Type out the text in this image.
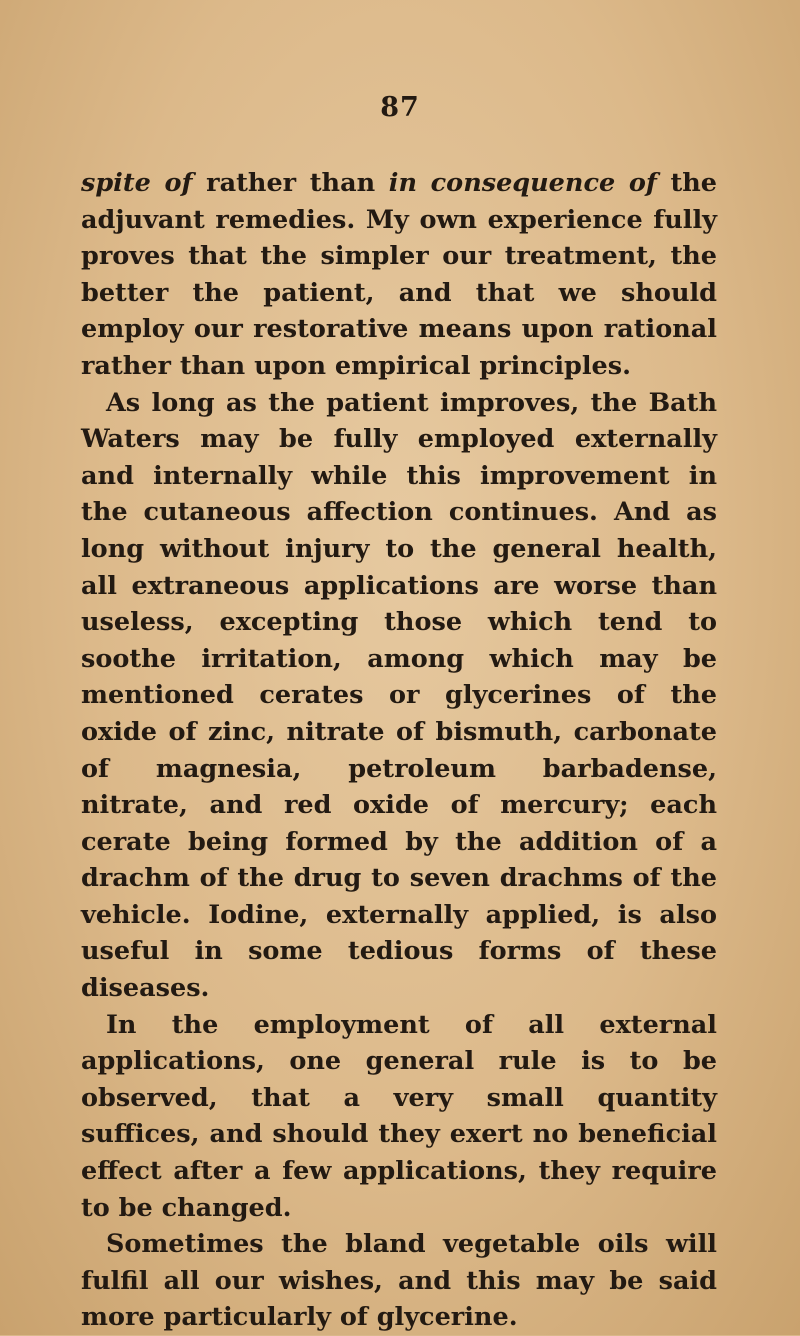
87

spite of rather than in consequence of the adjuvant remedies. My own experience fully proves that the simpler our treatment, the better the patient, and that we should employ our restorative means upon rational rather than upon empirical principles.

As long as the patient improves, the Bath Waters may be fully employed externally and internally while this improvement in the cutaneous affection continues. And as long without injury to the general health, all extraneous applications are worse than useless, excepting those which tend to soothe irritation, among which may be mentioned cerates or glycerines of the oxide of zinc, nitrate of bismuth, carbonate of magnesia, petroleum barbadense, nitrate, and red oxide of mercury; each cerate being formed by the addition of a drachm of the drug to seven drachms of the vehicle. Iodine, externally applied, is also useful in some tedious forms of these diseases.

In the employment of all external applications, one general rule is to be observed, that a very small quantity suffices, and should they exert no beneficial effect after a few applications, they require to be changed.

Sometimes the bland vegetable oils will fulfil all our wishes, and this may be said more particularly of glycerine.
